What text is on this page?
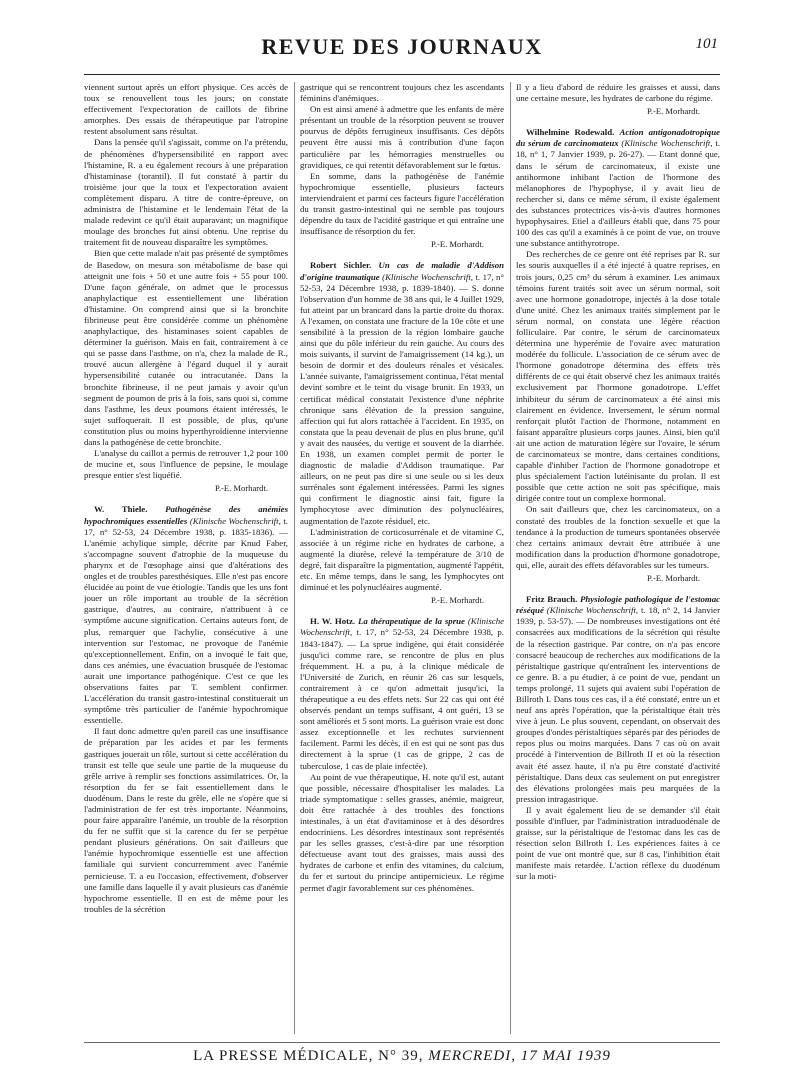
REVUE DES JOURNAUX	101

viennent surtout après un effort physique. Ces accès de toux se renouvellent tous les jours; on constate effectivement l'expectoration de caillots de fibrine amorphes. Des essais de thérapeutique par l'atropine restent absolument sans résultat.

Dans la pensée qu'il s'agissait, comme on l'a prétendu, de phénomènes d'hypersensibilité en rapport avec l'histamine, R. a eu également recours à une préparation d'histaminase (torantil). Il fut constaté à partir du troisième jour que la toux et l'expectoration avaient complètement disparu. A titre de contre-épreuve, on administra de l'histamine et le lendemain l'état de la malade redevint ce qu'il était auparavant; un magnifique moulage des bronches fut ainsi obtenu. Une reprise du traitement fit de nouveau disparaître les symptômes.

Bien que cette malade n'ait pas présenté de symptômes de Basedow, on mesura son métabolisme de base qui atteignit une fois + 50 et une autre fois + 55 pour 100. D'une façon générale, on admet que le processus anaphylactique est essentiellement une libération d'histamine. On comprend ainsi que si la bronchite fibrineuse peut être considérée comme un phénomène anaphylactique, des histaminases soient capables de déterminer la guérison. Mais en fait, contrairement à ce qui se passe dans l'asthme, on n'a, chez la malade de R., trouvé aucun allergène à l'égard duquel il y aurait hypersensibilité cutanée ou intracutanée. Dans la bronchite fibrineuse, il ne peut jamais y avoir qu'un segment de poumon de pris à la fois, sans quoi si, comme dans l'asthme, les deux poumons étaient intéressés, le sujet suffoquerait. Il est possible, de plus, qu'une constitution plus ou moins hyperthyroïdienne intervienne dans la pathogénèse de cette bronchite.

L'analyse du caillot a permis de retrouver 1,2 pour 100 de mucine et, sous l'influence de pepsine, le moulage presque entier s'est liquéfié.

P.-E. Morhardt.

W. Thiele. Pathogénèse des anémies hypochromiques essentielles (Klinische Wochenschrift, t. 17, n° 52-53, 24 Décembre 1938, p. 1835-1836). — L'anémie achylique simple, décrite par Knud Faber, s'accompagne souvent d'atrophie de la muqueuse du pharynx et de l'œsophage ainsi que d'altérations des ongles et de troubles paresthésiques. Elle n'est pas encore élucidée au point de vue étiologie. Tandis que les uns font jouer un rôle important au trouble de la sécrétion gastrique, d'autres, au contraire, n'attribuent à ce symptôme aucune signification. Certains auteurs font, de plus, remarquer que l'achylie, consécutive à une intervention sur l'estomac, ne provoque de l'anémie qu'exceptionnellement. Enfin, on a invoqué le fait que, dans ces anémies, une évacuation brusquée de l'estomac aurait une importance pathogénique. C'est ce que les observations faites par T. semblent confirmer. L'accélération du transit gastro-intestinal constituerait un symptôme très particulier de l'anémie hypochromique essentielle.

Il faut donc admettre qu'en pareil cas une insuffisance de préparation par les acides et par les ferments gastriques jouerait un rôle, surtout si cette accélération du transit est telle que seule une partie de la muqueuse du grêle arrive à remplir ses fonctions assimilatrices. Or, la résorption du fer se fait essentiellement dans le duodénum. Dans le reste du grêle, elle ne s'opère que si l'administration de fer est très importante. Néanmoins, pour faire apparaître l'anémie, un trouble de la résorption du fer ne suffit que si la carence du fer se perpétue pendant plusieurs générations. On sait d'ailleurs que l'anémie hypochromique essentielle est une affection familiale qui survient concurremment avec l'anémie pernicieuse. T. a eu l'occasion, effectivement, d'observer une famille dans laquelle il y avait plusieurs cas d'anémie hypochrome essentielle. Il en est de même pour les troubles de la sécrétion

gastrique qui se rencontrent toujours chez les ascendants féminins d'anémiques.

On est ainsi amené à admettre que les enfants de mère présentant un trouble de la résorption peuvent se trouver pourvus de dépôts ferrugineux insuffisants. Ces dépôts peuvent être aussi mis à contribution d'une façon particulière par les hémorragies menstruelles ou gravidiques, ce qui retentit défavorablement sur le fœtus.

En somme, dans la pathogénèse de l'anémie hypochromique essentielle, plusieurs facteurs interviendraient et parmi ces facteurs figure l'accélération du transit gastro-intestinal qui ne semble pas toujours dépendre du taux de l'acidité gastrique et qui entraîne une insuffisance de résorption du fer.

P.-E. Morhardt.

Robert Sichler. Un cas de maladie d'Addison d'origine traumatique (Klinische Wochenschrift, t. 17, n° 52-53, 24 Décembre 1938, p. 1839-1840). — S. donne l'observation d'un homme de 38 ans qui, le 4 Juillet 1929, fut atteint par un brancard dans la partie droite du thorax. A l'examen, on constata une fracture de la 10e côte et une sensibilité à la pression de la région lombaire gauche ainsi que du pôle inférieur du rein gauche. Au cours des mois suivants, il survint de l'amaigrissement (14 kg.), un besoin de dormir et des douleurs rénales et vésicales. L'année suivante, l'amaigrissement continua, l'état mental devint sombre et le teint du visage brunit. En 1933, un certificat médical constatait l'existence d'une néphrite chronique sans élévation de la pression sanguine, affection qui fut alors rattachée à l'accident. En 1935, on constata que la peau devenait de plus en plus brune, qu'il y avait des nausées, du vertige et souvent de la diarrhée. En 1938, un examen complet permit de porter le diagnostic de maladie d'Addison traumatique. Par ailleurs, on ne peut pas dire si une seule ou si les deux surrénales sont également intéressées. Parmi les signes qui confirment le diagnostic ainsi fait, figure la lymphocytose avec diminution des polynucléaires, augmentation de l'azote résiduel, etc.

L'administration de corticosurrénale et de vitamine C, associée à un régime riche en hydrates de carbone, a augmenté la diurèse, relevé la température de 3/10 de degré, fait disparaître la pigmentation, augmenté l'appétit, etc. En même temps, dans le sang, les lymphocytes ont diminué et les polynucléaires augmenté.

P.-E. Morhardt.

H. W. Hotz. La thérapeutique de la sprue (Klinische Wochenschrift, t. 17, n° 52-53, 24 Décembre 1938, p. 1843-1847). — La sprue indigène, qui était considérée jusqu'ici comme rare, se rencontre de plus en plus fréquemment. H. a pu, à la clinique médicale de l'Université de Zurich, en réunir 26 cas sur lesquels, contrairement à ce qu'on admettait jusqu'ici, la thérapeutique a eu des effets nets. Sur 22 cas qui ont été observés pendant un temps suffisant, 4 ont guéri, 13 se sont améliorés et 5 sont morts. La guérison vraie est donc assez exceptionnelle et les rechutes surviennent facilement. Parmi les décès, il en est qui ne sont pas dus directement à la sprue (1 cas de grippe, 2 cas de tuberculose, 1 cas de plaie infectée).

Au point de vue thérapeutique, H. note qu'il est, autant que possible, nécessaire d'hospitaliser les malades. La triade symptomatique : selles grasses, anémie, maigreur, doit être rattachée à des troubles des fonctions intestinales, à un état d'avitaminose et à des désordres endocriniens. Les désordres intestinaux sont représentés par les selles grasses, c'est-à-dire par une résorption défectueuse avant tout des graisses, mais aussi des hydrates de carbone et enfin des vitamines, du calcium, du fer et surtout du principe antipernicieux. Le régime permet d'agir favorablement sur ces phénomènes.

Il y a lieu d'abord de réduire les graisses et aussi, dans une certaine mesure, les hydrates de carbone du régime.

P.-E. Morhardt.

Wilhelmine Rodewald. Action antigonadotropique du sérum de carcinomateux (Klinische Wochenschrift, t. 18, n° 1, 7 Janvier 1939, p. 26-27). — Etant donné que, dans le sérum de carcinomateux, il existe une antihormone inhibant l'action de l'hormone des mélanophores de l'hypophyse, il y avait lieu de rechercher si, dans ce même sérum, il existe également des substances protectrices vis-à-vis d'autres hormones hypophysaires. Etiel a d'ailleurs établi que, dans 75 pour 100 des cas qu'il a examinés à ce point de vue, on trouve une substance antithyrotrope.

Des recherches de ce genre ont été reprises par R. sur les souris auxquelles il a été injecté à quatre reprises, en trois jours, 0,25 cm³ du sérum à examiner. Les animaux témoins furent traités soit avec un sérum normal, soit avec une hormone gonadotrope, injectés à la dose totale d'une unité. Chez les animaux traités simplement par le sérum normal, on constata une légère réaction folliculaire. Par contre, le sérum de carcinomateux détermina une hyperémie de l'ovaire avec maturation modérée du follicule. L'association de ce sérum avec de l'hormone gonadotrope détermina des effets très différents de ce qui était observé chez les animaux traités exclusivement par l'hormone gonadotrope. L'effet inhibiteur du sérum de carcinomateux a été ainsi mis clairement en évidence. Inversement, le sérum normal renforçait plutôt l'action de l'hormone, notamment en faisant apparaître plusieurs corps jaunes. Ainsi, bien qu'il ait une action de maturation légère sur l'ovaire, le sérum de carcinomateux se montre, dans certaines conditions, capable d'inhiber l'action de l'hormone gonadotrope et plus spécialement l'action lutéinisante du prolan. Il est possible que cette action ne soit pas spécifique, mais dirigée contre tout un complexe hormonal.

On sait d'ailleurs que, chez les carcinomateux, on a constaté des troubles de la fonction sexuelle et que la tendance à la production de tumeurs spontanées observée chez certains animaux devrait être attribuée à une modification dans la production d'hormone gonadotrope, qui, elle, aurait des effets défavorables sur les tumeurs.

P.-E. Morhardt.

Fritz Brauch. Physiologie pathologique de l'estomac réséqué (Klinische Wochenschrift, t. 18, n° 2, 14 Janvier 1939, p. 53-57). — De nombreuses investigations ont été consacrées aux modifications de la sécrétion qui résulte de la résection gastrique. Par contre, on n'a pas encore consacré beaucoup de recherches aux modifications de la péristaltique gastrique qu'entraînent les interventions de ce genre. B. a pu étudier, à ce point de vue, pendant un temps prolongé, 11 sujets qui avaient subi l'opération de Billroth I. Dans tous ces cas, il a été constaté, entre un et neuf ans après l'opération, que la péristaltique était très vive à jeun. Le plus souvent, cependant, on observait des groupes d'ondes péristaltiques séparés par des périodes de repos plus ou moins marquées. Dans 7 cas où on avait procédé à l'intervention de Billroth II et où la résection avait été assez haute, il n'a pu être constaté d'activité péristaltique. Dans deux cas seulement on put enregistrer des élévations prolongées mais peu marquées de la pression intragastrique.

Il y avait également lieu de se demander s'il était possible d'influer, par l'administration intraduodénale de graisse, sur la péristaltique de l'estomac dans les cas de résection selon Billroth I. Les expériences faites à ce point de vue ont montré que, sur 8 cas, l'inhibition était manifeste mais retardée. L'action réflexe du duodénum sur la moti-

LA PRESSE MÉDICALE, N° 39, MERCREDI, 17 MAI 1939
